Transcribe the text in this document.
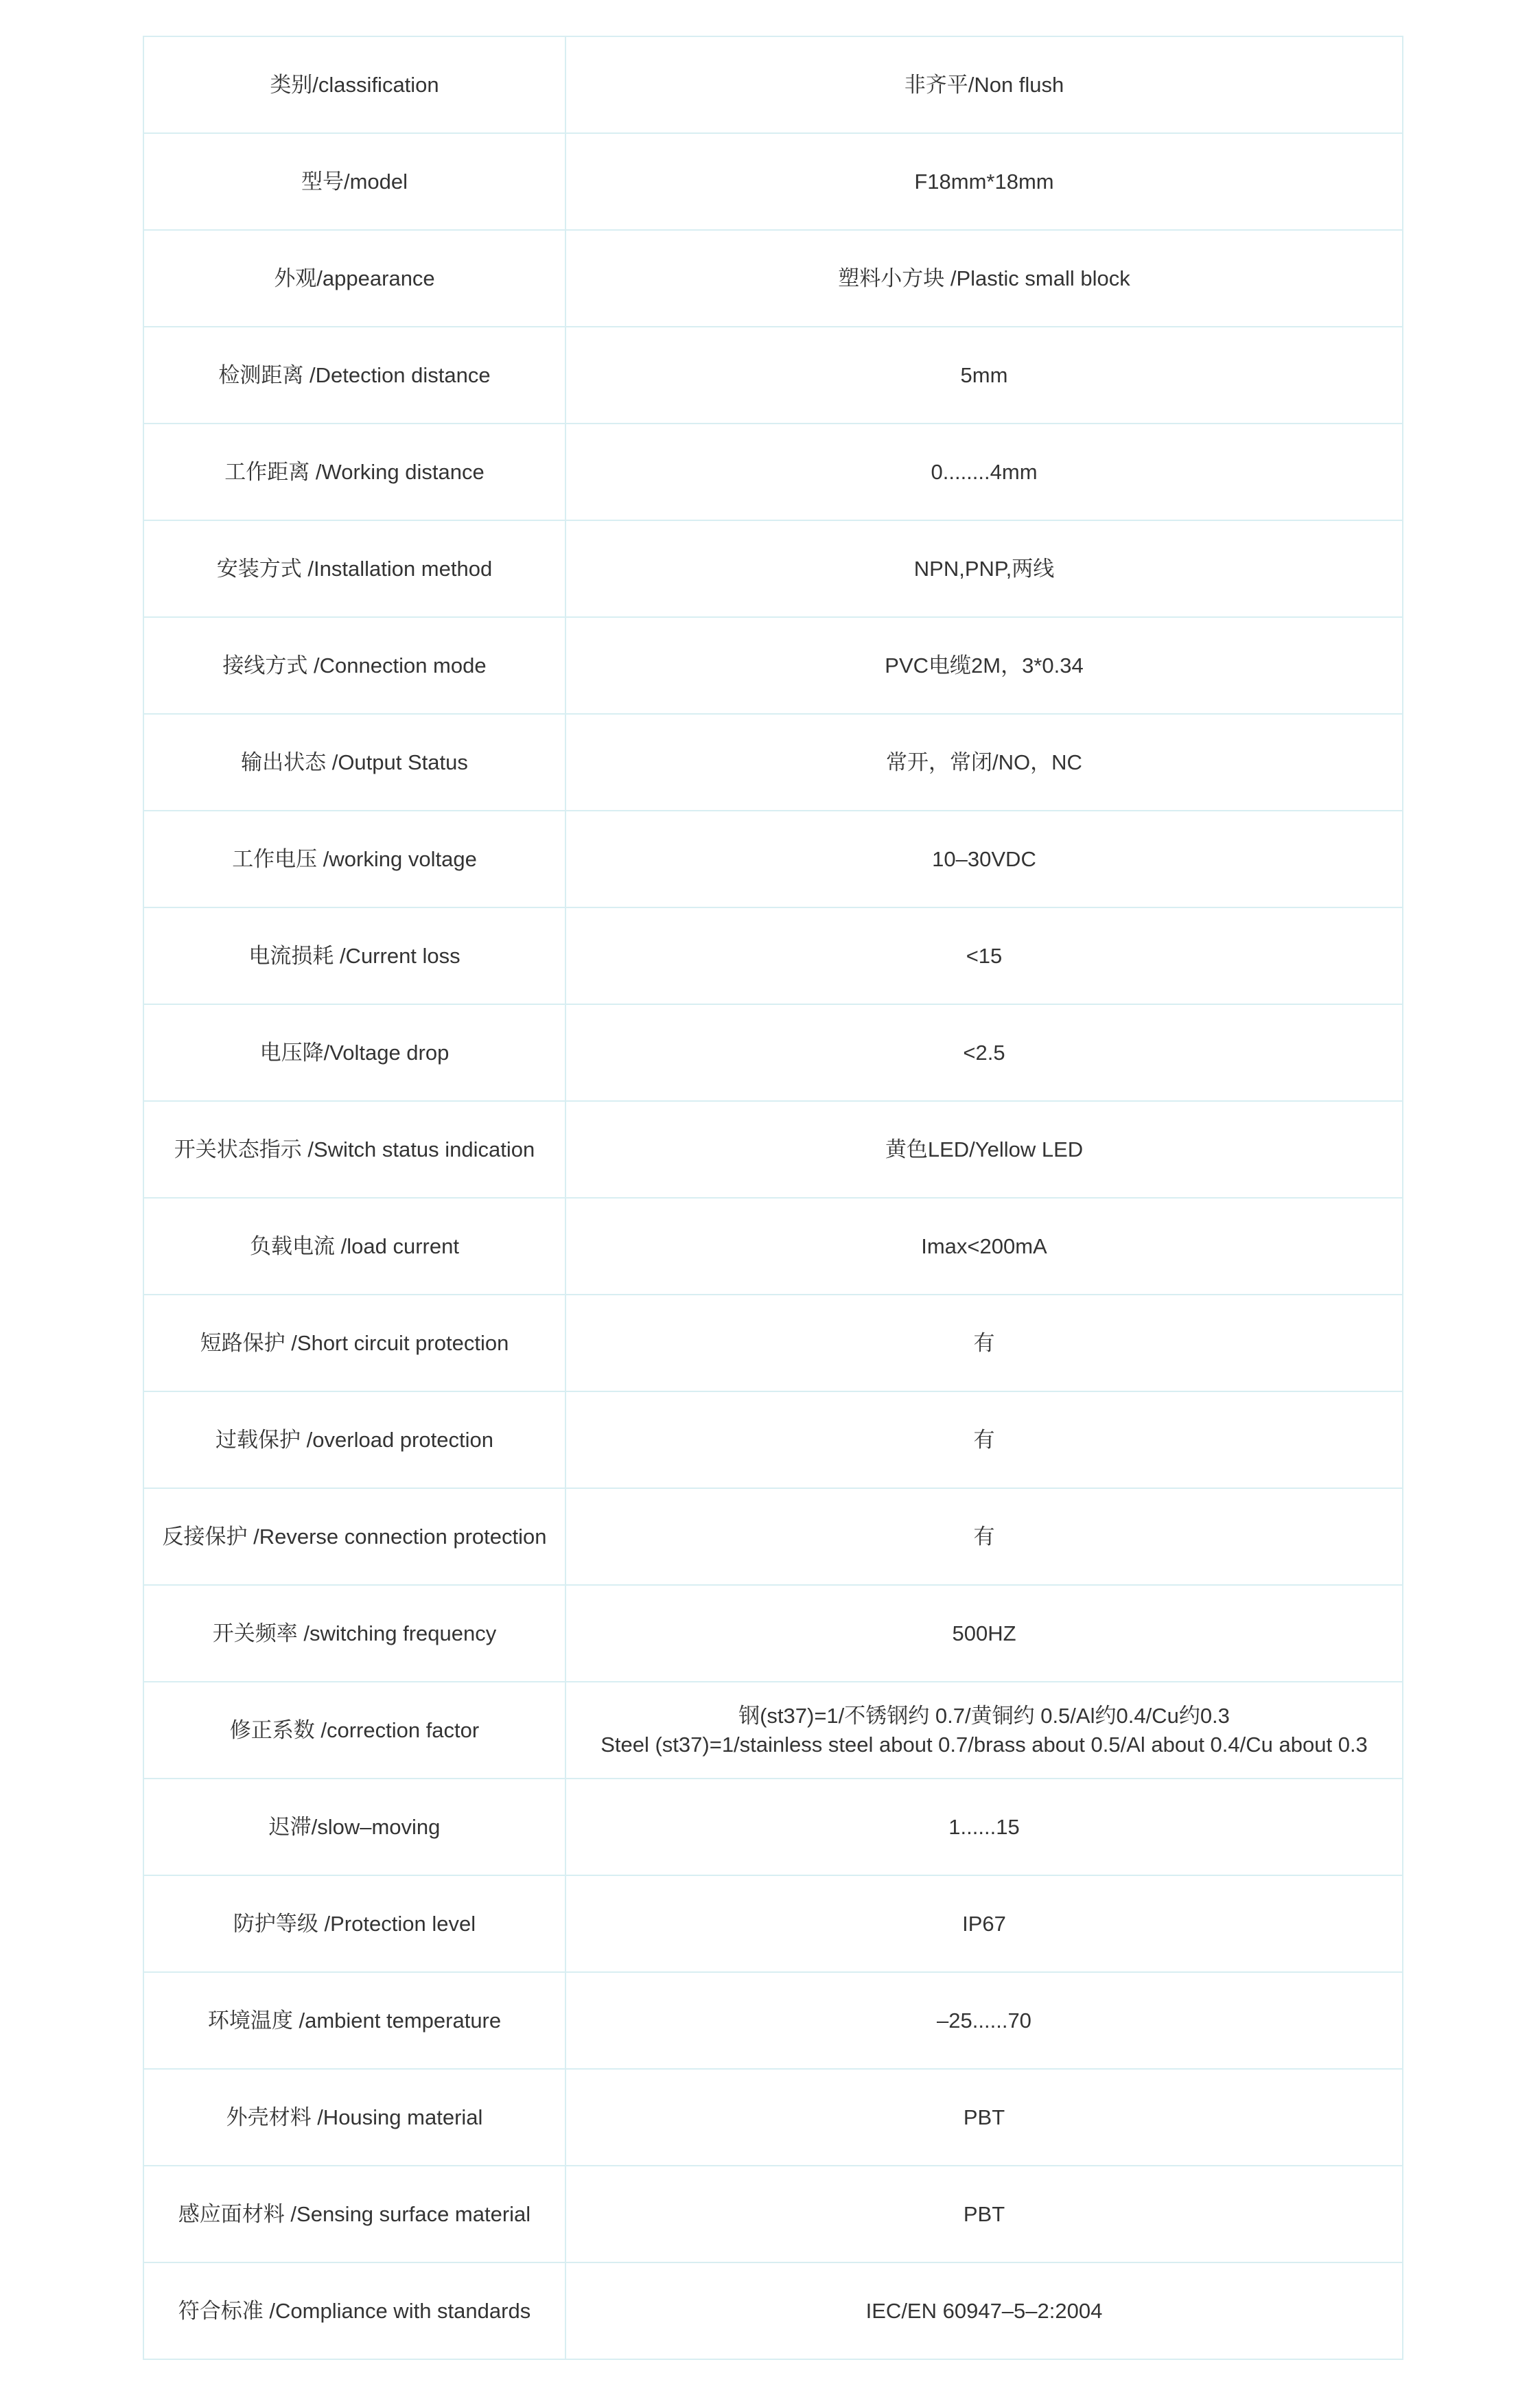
类别/classification	非齐平/Non flush
型号/model	F18mm*18mm
外观/appearance	塑料小方块 /Plastic small block
检测距离 /Detection distance	5mm
工作距离 /Working distance	0........4mm
安装方式 /Installation method	NPN,PNP,两线
接线方式 /Connection mode	PVC电缆2M，3*0.34
输出状态 /Output Status	常开，常闭/NO，NC
工作电压 /working voltage	10–30VDC
电流损耗 /Current loss	<15
电压降/Voltage drop	<2.5
开关状态指示 /Switch status indication	黄色LED/Yellow LED
负载电流 /load current	Imax<200mA
短路保护 /Short circuit protection	有
过载保护 /overload protection	有
反接保护 /Reverse connection protection	有
开关频率 /switching frequency	500HZ
修正系数 /correction factor	钢(st37)=1/不锈钢约 0.7/黄铜约 0.5/Al约0.4/Cu约0.3
Steel (st37)=1/stainless steel about 0.7/brass about 0.5/Al about 0.4/Cu about 0.3

迟滞/slow–moving	1......15
防护等级 /Protection level	IP67
环境温度 /ambient temperature	–25......70
外壳材料 /Housing material	PBT
感应面材料 /Sensing surface material	PBT
符合标准 /Compliance with standards	IEC/EN 60947–5–2:2004
